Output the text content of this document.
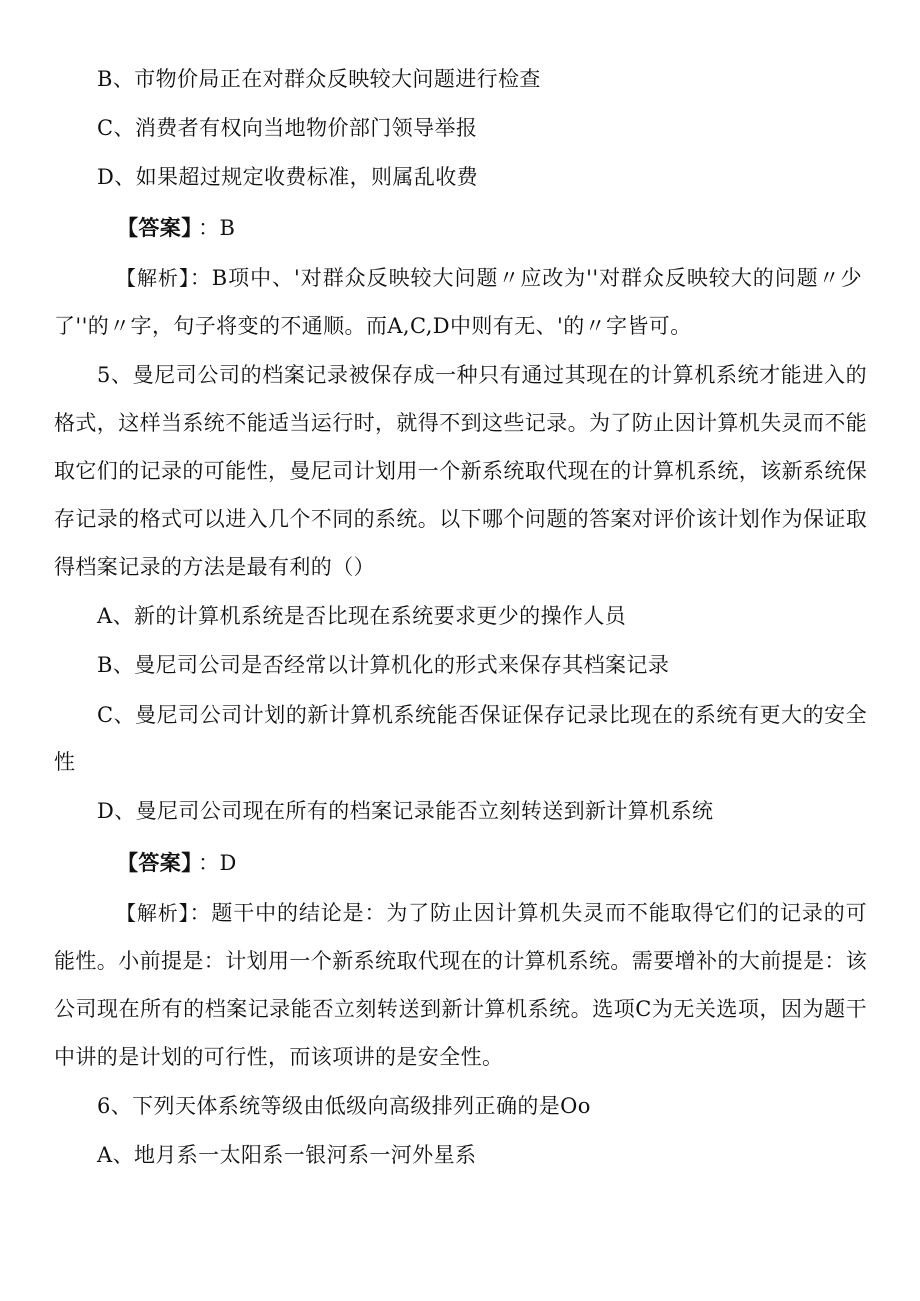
B、市物价局正在对群众反映较大问题进行检查
C、消费者有权向当地物价部门领导举报
D、如果超过规定收费标准，则属乱收费
【答案】 ：B
【解析】：B项中、'对群众反映较大问题〃应改为''对群众反映较大的问题〃少
了''的〃字，句子将变的不通顺。而A,C,D中则有无、'的〃字皆可。
5、曼尼司公司的档案记录被保存成一种只有通过其现在的计算机系统才能进入的
格式，这样当系统不能适当运行时，就得不到这些记录。为了防止因计算机失灵而不能
取它们的记录的可能性，曼尼司计划用一个新系统取代现在的计算机系统，该新系统保
存记录的格式可以进入几个不同的系统。以下哪个问题的答案对评价该计划作为保证取
得档案记录的方法是最有利的（）
A、新的计算机系统是否比现在系统要求更少的操作人员
B、曼尼司公司是否经常以计算机化的形式来保存其档案记录
C、曼尼司公司计划的新计算机系统能否保证保存记录比现在的系统有更大的安全
性
D、曼尼司公司现在所有的档案记录能否立刻转送到新计算机系统
【答案】 ：D
【解析】：题干中的结论是：为了防止因计算机失灵而不能取得它们的记录的可
能性。小前提是：计划用一个新系统取代现在的计算机系统。需要增补的大前提是：该
公司现在所有的档案记录能否立刻转送到新计算机系统。选项C为无关选项，因为题干
中讲的是计划的可行性，而该项讲的是安全性。
6、下列天体系统等级由低级向高级排列正确的是Oo
A、地月系一太阳系一银河系一河外星系
